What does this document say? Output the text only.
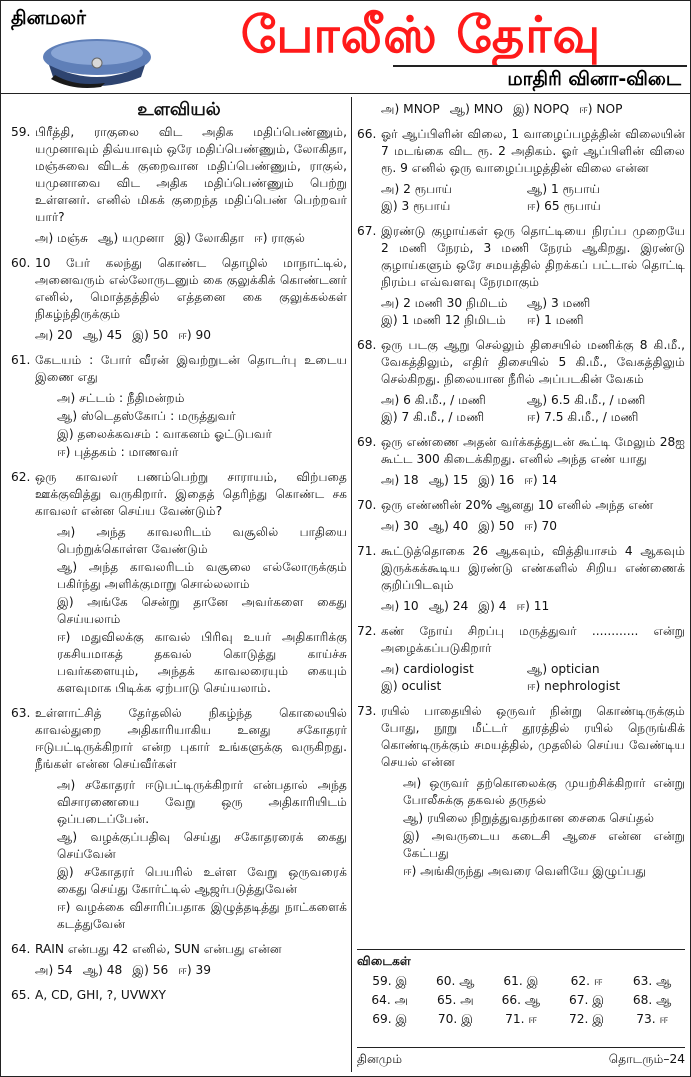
தினமலர்	போலீஸ் தேர்வு
மாதிரி வினா-விடை
உளவியல்
59. பிரீத்தி, ராகுலை விட அதிக மதிப்பெண்ணும், யமுனாவும் திவ்யாவும் ஒரே மதிப்பெண்ணும், லோகிதா, மஞ்சுவை விடக் குறைவான மதிப்பெண்ணும், ராகுல், யமுனாவை விட அதிக மதிப்பெண்ணும் பெற்று உள்ளனர். எனில் மிகக் குறைந்த மதிப்பெண் பெற்றவர் யார்?
அ) மஞ்சு ஆ) யமுனா இ) லோகிதா ஈ) ராகுல்
60. 10 பேர் கலந்து கொண்ட தொழில் மாநாட்டில், அனைவரும் எல்லோருடனும் கை குலுக்கிக் கொண்டனர் எனில், மொத்தத்தில் எத்தனை கை குலுக்கல்கள் நிகழ்ந்திருக்கும்
அ) 20 ஆ) 45 இ) 50 ஈ) 90
61. கேடயம் : போர் வீரன் இவற்றுடன் தொடர்பு உடைய இணை எது
அ) சட்டம் : நீதிமன்றம்
ஆ) ஸ்டெதஸ்கோப் : மருத்துவர்
இ) தலைக்கவசம் : வாகனம் ஓட்டுபவர்
ஈ) புத்தகம் : மாணவர்
62. ஒரு காவலர் பணம்பெற்று சாராயம், விற்பதை ஊக்குவித்து வருகிறார். இதைத் தெரிந்து கொண்ட சக காவலர் என்ன செய்ய வேண்டும்?
அ) அந்த காவலரிடம் வசூலில் பாதியை பெற்றுக்கொள்ள வேண்டும்
ஆ) அந்த காவலரிடம் வசூலை எல்லோருக்கும் பகிர்ந்து அளிக்குமாறு சொல்லலாம்
இ) அங்கே சென்று தானே அவர்களை கைது செய்யலாம்
ஈ) மதுவிலக்கு காவல் பிரிவு உயர் அதிகாரிக்கு ரகசியமாகத் தகவல் கொடுத்து காய்ச்சு பவர்களையும், அந்தக் காவலரையும் கையும் களவுமாக பிடிக்க ஏற்பாடு செய்யலாம்.
63. உள்ளாட்சித் தேர்தலில் நிகழ்ந்த கொலையில் காவல்துறை அதிகாரியாகிய உனது சகோதரர் ஈடுபட்டிருக்கிறார் என்ற புகார் உங்களுக்கு வருகிறது. நீங்கள் என்ன செய்வீர்கள்
அ) சகோதரர் ஈடுபட்டிருக்கிறார் என்பதால் அந்த விசாரணையை வேறு ஒரு அதிகாரியிடம் ஒப்படைப்பேன்.
ஆ) வழக்குப்பதிவு செய்து சகோதரரைக் கைது செய்வேன்
இ) சகோதரர் பெயரில் உள்ள வேறு ஒருவரைக் கைது செய்து கோர்ட்டில் ஆஜர்படுத்துவேன்
ஈ) வழக்கை விசாரிப்பதாக இழுத்தடித்து நாட்களைக் கடத்துவேன்
64. RAIN என்பது 42 எனில், SUN என்பது என்ன
அ) 54 ஆ) 48 இ) 56 ஈ) 39
65. A, CD, GHI, ?, UVWXY
அ) MNOP ஆ) MNO இ) NOPQ ஈ) NOP
66. ஓர் ஆப்பிளின் விலை, 1 வாழைப்பழத்தின் விலையின் 7 மடங்கை விட ரூ. 2 அதிகம். ஓர் ஆப்பிளின் விலை ரூ. 9 எனில் ஒரு வாழைப்பழத்தின் விலை என்ன
அ) 2 ரூபாய்	ஆ) 1 ரூபாய்
இ) 3 ரூபாய்	ஈ) 65 ரூபாய்
67. இரண்டு குழாய்கள் ஒரு தொட்டியை நிரப்ப முறையே 2 மணி நேரம், 3 மணி நேரம் ஆகிறது. இரண்டு குழாய்களும் ஒரே சமயத்தில் திறக்கப் பட்டால் தொட்டி நிரம்ப எவ்வளவு நேரமாகும்
அ) 2 மணி 30 நிமிடம்	ஆ) 3 மணி
இ) 1 மணி 12 நிமிடம்	ஈ) 1 மணி
68. ஒரு படகு ஆறு செல்லும் திசையில் மணிக்கு 8 கி.மீ., வேகத்திலும், எதிர் திசையில் 5 கி.மீ., வேகத்திலும் செல்கிறது. நிலையான நீரில் அப்படகின் வேகம்
அ) 6 கி.மீ., / மணி	ஆ) 6.5 கி.மீ., / மணி
இ) 7 கி.மீ., / மணி	ஈ) 7.5 கி.மீ., / மணி
69. ஒரு எண்ணை அதன் வர்க்கத்துடன் கூட்டி மேலும் 28ஐ கூட்ட 300 கிடைக்கிறது. எனில் அந்த எண் யாது
அ) 18 ஆ) 15 இ) 16 ஈ) 14
70. ஒரு எண்ணின் 20% ஆனது 10 எனில் அந்த எண்
அ) 30 ஆ) 40 இ) 50 ஈ) 70
71. கூட்டுத்தொகை 26 ஆகவும், வித்தியாசம் 4 ஆகவும் இருக்கக்கூடிய இரண்டு எண்களில் சிறிய எண்ணைக் குறிப்பிடவும்
அ) 10 ஆ) 24 இ) 4 ஈ) 11
72. கண் நோய் சிறப்பு மருத்துவர் ............ என்று அழைக்கப்படுகிறார்
அ) cardiologist	ஆ) optician
இ) oculist	ஈ) nephrologist
73. ரயில் பாதையில் ஒருவர் நின்று கொண்டிருக்கும் போது, நூறு மீட்டர் தூரத்தில் ரயில் நெருங்கிக் கொண்டிருக்கும் சமயத்தில், முதலில் செய்ய வேண்டிய செயல் என்ன
அ) ஒருவர் தற்கொலைக்கு முயற்சிக்கிறார் என்று போலீசுக்கு தகவல் தருதல்
ஆ) ரயிலை நிறுத்துவதற்கான சைகை செய்தல்
இ) அவருடைய கடைசி ஆசை என்ன என்று கேட்பது
ஈ) அங்கிருந்து அவரை வெளியே இழுப்பது
விடைகள்
59. இ	60. ஆ	61. இ	62. ஈ	63. ஆ
64. அ	65. அ	66. ஆ	67. இ	68. ஆ
69. இ	70. இ	71. ஈ	72. இ	73. ஈ
தினமும்	தொடரும்–24
